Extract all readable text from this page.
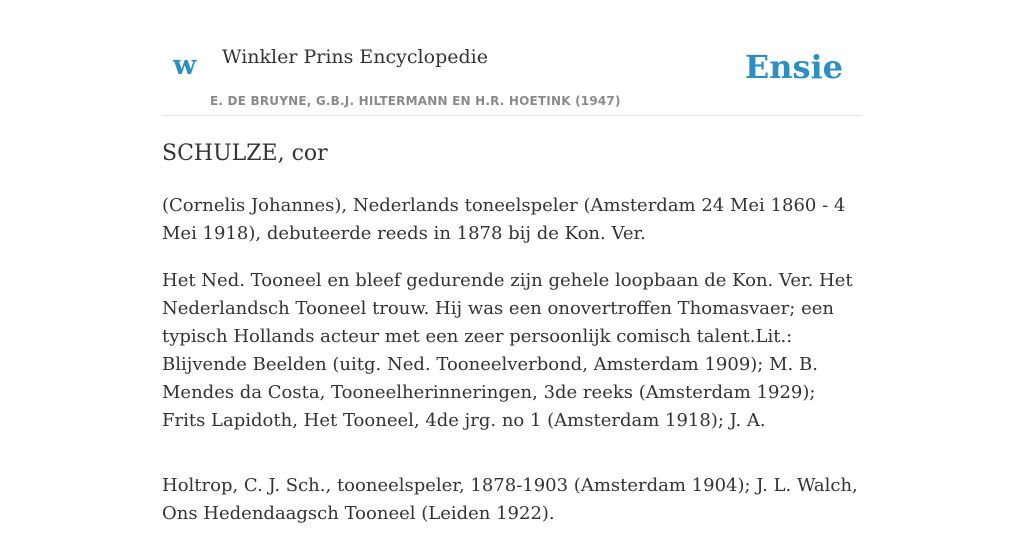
w Winkler Prins Encyclopedie
E. DE BRUYNE, G.B.J. HILTERMANN EN H.R. HOETINK (1947)
Ensie
SCHULZE, cor

(Cornelis Johannes), Nederlands toneelspeler (Amsterdam 24 Mei 1860 - 4 Mei 1918), debuteerde reeds in 1878 bij de Kon. Ver.

Het Ned. Tooneel en bleef gedurende zijn gehele loopbaan de Kon. Ver. Het Nederlandsch Tooneel trouw. Hij was een onovertroffen Thomasvaer; een typisch Hollands acteur met een zeer persoonlijk comisch talent.Lit.: Blijvende Beelden (uitg. Ned. Tooneelverbond, Amsterdam 1909); M. B. Mendes da Costa, Tooneelherinneringen, 3de reeks (Amsterdam 1929); Frits Lapidoth, Het Tooneel, 4de jrg. no 1 (Amsterdam 1918); J. A.

Holtrop, C. J. Sch., tooneelspeler, 1878-1903 (Amsterdam 1904); J. L. Walch, Ons Hedendaagsch Tooneel (Leiden 1922).
